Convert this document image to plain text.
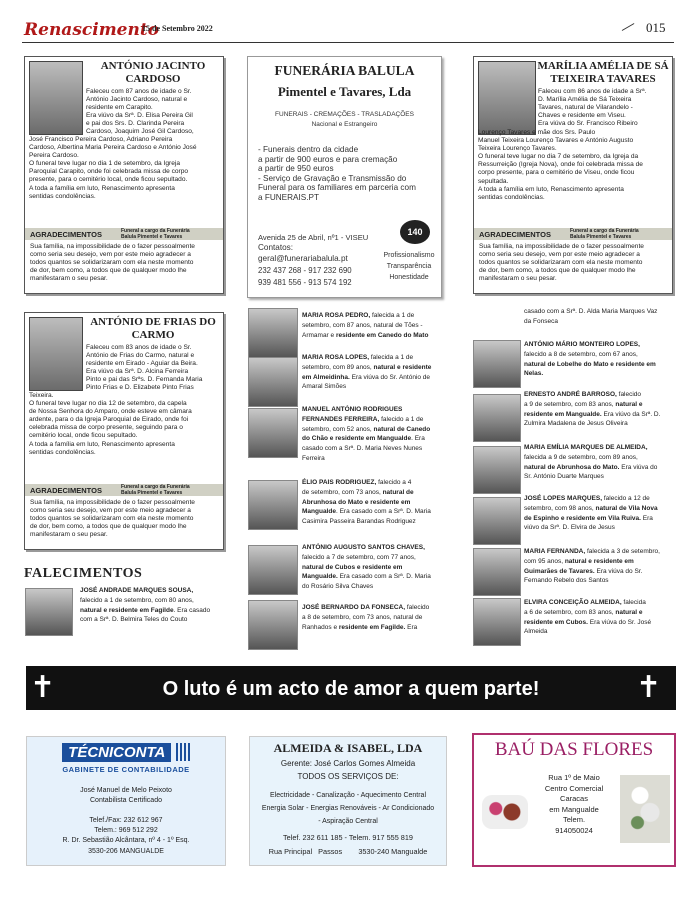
Renascimento
15 de Setembro 2022	015
ANTÓNIO JACINTO CARDOSO
Faleceu com 87 anos de idade o Sr.
António Jacinto Cardoso, natural e
residente em Carapito.
Era viúvo da Srª. D. Elisa Pereira Gil
e pai dos Srs. D. Clarinda Pereira
Cardoso, Joaquim José Gil Cardoso,
José Francisco Pereira Cardoso, Adriano Pereira
Cardoso, Albertina Maria Pereira Cardoso e António José
Pereira Cardoso.
O funeral teve lugar no dia 1 de setembro, da Igreja
Paroquial Carapito, onde foi celebrada missa de corpo
presente, para o cemitério local, onde ficou sepultado.
A toda a família em luto, Renascimento apresenta
sentidas condolências.
AGRADECIMENTOS	Funeral a cargo da Funerária
Balula Pimentel e Tavares
Sua família, na impossibilidade de o fazer pessoalmente
como seria seu desejo, vem por este meio agradecer a
todos quantos se solidarizaram com ela neste momento
de dor, bem como, a todos que de qualquer modo lhe
manifestaram o seu pesar.
FUNERÁRIA BALULA
Pimentel e Tavares, Lda
FUNERAIS - CREMAÇÕES - TRASLADAÇÕES
Nacional e Estrangeiro
- Funerais dentro da cidade
a partir de 900 euros e para cremação
a partir de 950 euros
- Serviço de Gravação e Transmissão do
Funeral para os familiares em parceria com
a FUNERAIS.PT
Avenida 25 de Abril, nº1 - VISEU
Contatos:
geral@funerariabalula.pt
232 437 268 - 917 232 690
939 481 556 - 913 574 192
140
Profissionalismo
Transparência
Honestidade
MARÍLIA AMÉLIA DE SÁ TEIXEIRA TAVARES
Faleceu com 86 anos de idade a Srª.
D. Marília Amélia de Sá Teixeira
Tavares, natural de Vilarandelo -
Chaves e residente em Viseu.
Era viúva do Sr. Francisco Ribeiro
Lourenço Tavares e mãe dos Srs. Paulo
Manuel Teixeira Lourenço Tavares e António Augusto
Teixeira Lourenço Tavares.
O funeral teve lugar no dia 7 de setembro, da Igreja da
Ressurreição (Igreja Nova), onde foi celebrada missa de
corpo presente, para o cemitério de Viseu, onde ficou
sepultada.
A toda a família em luto, Renascimento apresenta
sentidas condolências.
AGRADECIMENTOS	Funeral a cargo da Funerária
Balula Pimentel e Tavares
Sua família, na impossibilidade de o fazer pessoalmente
como seria seu desejo, vem por este meio agradecer a
todos quantos se solidarizaram com ela neste momento
de dor, bem como, a todos que de qualquer modo lhe
manifestaram o seu pesar.
ANTÓNIO DE FRIAS DO CARMO
Faleceu com 83 anos de idade o Sr.
António de Frias do Carmo, natural e
residente em Eirado - Aguiar da Beira.
Era viúvo da Srª. D. Alcina Ferreira
Pinto e pai das Srªs. D. Fernanda Maria
Pinto Frias e D. Elizabete Pinto Frias
Teixeira.
O funeral teve lugar no dia 12 de setembro, da capela
de Nossa Senhora do Amparo, onde esteve em câmara
ardente, para o da Igreja Paroquial de Eirado, onde foi
celebrada missa de corpo presente, seguindo para o
cemitério local, onde ficou sepultado.
A toda a família em luto, Renascimento apresenta
sentidas condolências.
AGRADECIMENTOS	Funeral a cargo da Funerária
Balula Pimentel e Tavares
Sua família, na impossibilidade de o fazer pessoalmente
como seria seu desejo, vem por este meio agradecer a
todos quantos se solidarizaram com ela neste momento
de dor, bem como, a todos que de qualquer modo lhe
manifestaram o seu pesar.
FALECIMENTOS
JOSÉ ANDRADE MARQUES SOUSA,
falecido a 1 de setembro, com 80 anos,
natural e residente em Fagilde. Era casado
com a Srª. D. Belmira Teles do Couto
MARIA ROSA PEDRO, falecida a 1 de
setembro, com 87 anos, natural de Tões -
Armamar e residente em Canedo do Mato
MARIA ROSA LOPES, falecida a 1 de
setembro, com 89 anos, natural e residente
em Almeidinha. Era viúva do Sr. António de
Amaral Simões
MANUEL ANTÓNIO RODRIGUES
FERNANDES FERREIRA, falecido a 1 de
setembro, com 52 anos, natural de Canedo
do Chão e residente em Mangualde. Era
casado com a Srª. D. Maria Neves Nunes
Ferreira
ÉLIO PAIS RODRIGUEZ, falecido a 4
de setembro, com 73 anos, natural de
Abrunhosa do Mato e residente em
Mangualde. Era casado com a Srª. D. Maria
Casimira Passeira Barandas Rodriguez
ANTÓNIO AUGUSTO SANTOS CHAVES,
falecido a 7 de setembro, com 77 anos,
natural de Cubos e residente em
Mangualde. Era casado com a Srª. D. Maria
do Rosário Silva Chaves
JOSÉ BERNARDO DA FONSECA, falecido
a 8 de setembro, com 73 anos, natural de
Ranhados e residente em Fagilde. Era
casado com a Srª. D. Alda Maria Marques Vaz
da Fonseca
ANTÓNIO MÁRIO MONTEIRO LOPES,
falecido a 8 de setembro, com 67 anos,
natural de Lobelhe do Mato e residente em
Nelas.
ERNESTO ANDRÉ BARROSO, falecido
a 9 de setembro, com 83 anos, natural e
residente em Mangualde. Era viúvo da Srª. D.
Zulmira Madalena de Jesus Oliveira
MARIA EMÍLIA MARQUES DE ALMEIDA,
falecida a 9 de setembro, com 89 anos,
natural de Abrunhosa do Mato. Era viúva do
Sr. António Duarte Marques
JOSÉ LOPES MARQUES, falecido a 12 de
setembro, com 98 anos, natural de Vila Nova
de Espinho e residente em Vila Ruiva. Era
viúvo da Srª. D. Elvira de Jesus
MARIA FERNANDA, falecida a 3 de setembro,
com 95 anos, natural e residente em
Guimarães de Tavares. Era viúva do Sr.
Fernando Rebelo dos Santos
ELVIRA CONCEIÇÃO ALMEIDA, falecida
a 6 de setembro, com 83 anos, natural e
residente em Cubos. Era viúva do Sr. José
Almeida
✝	✝
O luto é um acto de amor a quem parte!
TÉCNICONTA
GABINETE DE CONTABILIDADE
José Manuel de Melo Peixoto
Contabilista Certificado
Telef./Fax: 232 612 967
Telem.: 969 512 292
R. Dr. Sebastião Alcântara, nº 4 - 1º Esq.
3530-206 MANGUALDE
ALMEIDA & ISABEL, LDA
Gerente: José Carlos Gomes Almeida
TODOS OS SERVIÇOS DE:
Electricidade - Canalização - Aquecimento Central
Energia Solar - Energias Renováveis - Ar Condicionado
- Aspiração Central
Telef. 232 611 185 - Telem. 917 555 819
Rua Principal   Passos        3530-240 Mangualde
BAÚ DAS FLORES
Rua 1º de Maio
Centro Comercial
Caracas
em Mangualde
Telem.
914050024
